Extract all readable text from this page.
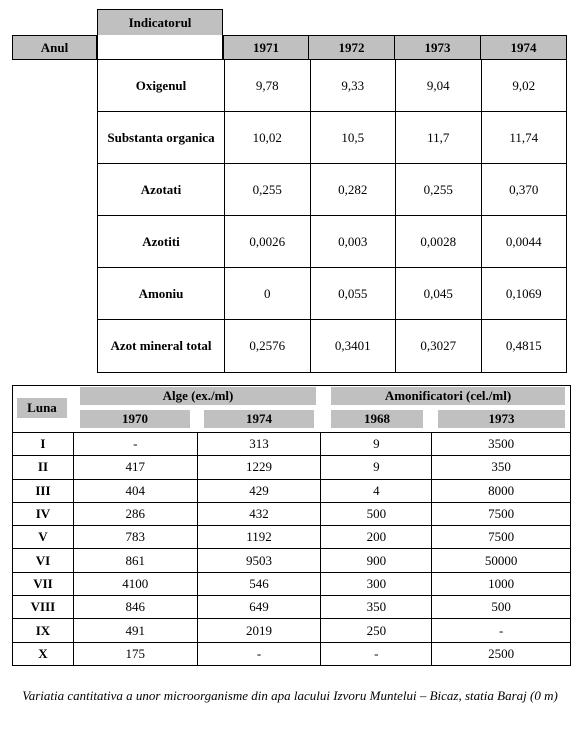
Indicatorul
Anul	1971	1972	1973	1974
Oxigenul	9,78	9,33	9,04	9,02
Substanta organica	10,02	10,5	11,7	11,74
Azotati	0,255	0,282	0,255	0,370
Azotiti	0,0026	0,003	0,0028	0,0044
Amoniu	0	0,055	0,045	0,1069
Azot mineral total	0,2576	0,3401	0,3027	0,4815
Luna
Alge (ex./ml)	Amonificatori (cel./ml)
1970	1974	1968	1973
I	-	313	9	3500
II	417	1229	9	350
III	404	429	4	8000
IV	286	432	500	7500
V	783	1192	200	7500
VI	861	9503	900	50000
VII	4100	546	300	1000
VIII	846	649	350	500
IX	491	2019	250	-
X	175	-	-	2500
Variatia cantitativa a unor microorganisme din apa lacului Izvoru Muntelui – Bicaz, statia Baraj (0 m)
